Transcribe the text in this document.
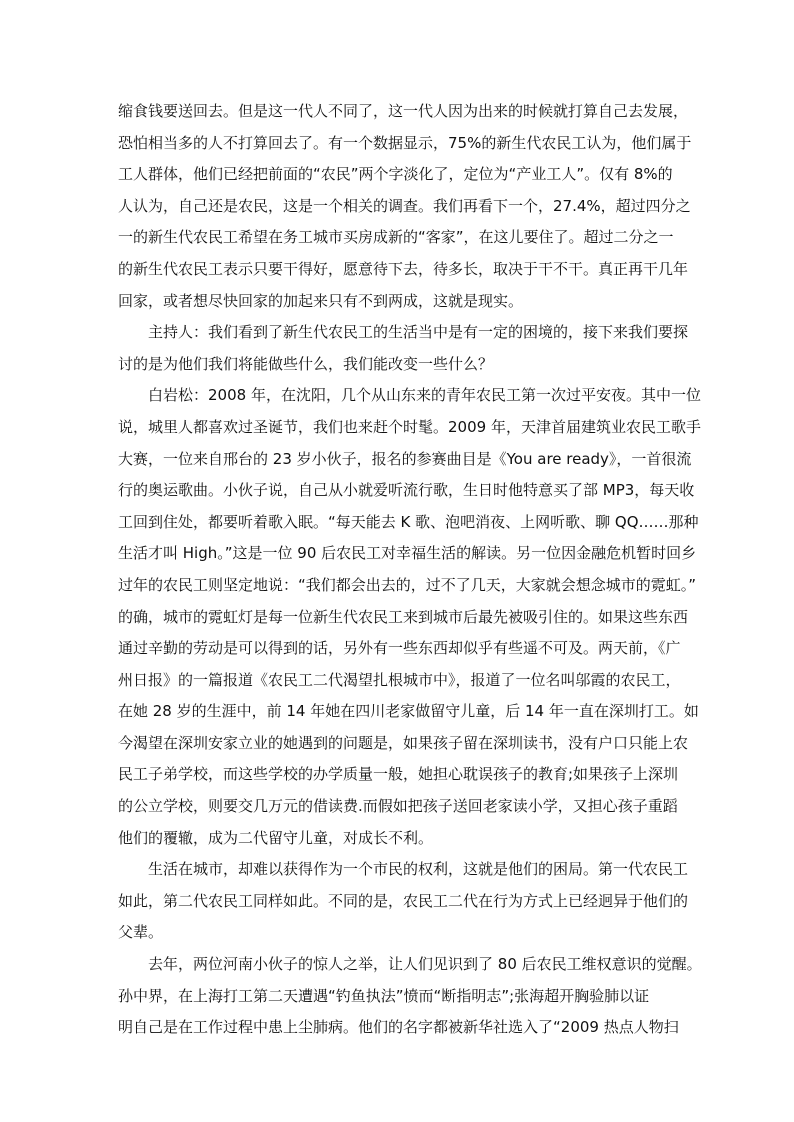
缩食钱要送回去。但是这一代人不同了，这一代人因为出来的时候就打算自己去发展，
恐怕相当多的人不打算回去了。有一个数据显示，75%的新生代农民工认为，他们属于
工人群体，他们已经把前面的“农民”两个字淡化了，定位为“产业工人”。仅有 8%的
人认为，自己还是农民，这是一个相关的调查。我们再看下一个，27.4%，超过四分之
一的新生代农民工希望在务工城市买房成新的“客家”，在这儿要住了。超过二分之一
的新生代农民工表示只要干得好，愿意待下去，待多长，取决于干不干。真正再干几年
回家，或者想尽快回家的加起来只有不到两成，这就是现实。
主持人：我们看到了新生代农民工的生活当中是有一定的困境的，接下来我们要探
讨的是为他们我们将能做些什么，我们能改变一些什么？
白岩松：2008 年，在沈阳，几个从山东来的青年农民工第一次过平安夜。其中一位
说，城里人都喜欢过圣诞节，我们也来赶个时髦。2009 年，天津首届建筑业农民工歌手
大赛，一位来自邢台的 23 岁小伙子，报名的参赛曲目是《You are ready》，一首很流
行的奥运歌曲。小伙子说，自己从小就爱听流行歌，生日时他特意买了部 MP3，每天收
工回到住处，都要听着歌入眠。“每天能去 K 歌、泡吧消夜、上网听歌、聊 QQ……那种
生活才叫 High。”这是一位 90 后农民工对幸福生活的解读。另一位因金融危机暂时回乡
过年的农民工则坚定地说：“我们都会出去的，过不了几天，大家就会想念城市的霓虹。”
的确，城市的霓虹灯是每一位新生代农民工来到城市后最先被吸引住的。如果这些东西
通过辛勤的劳动是可以得到的话，另外有一些东西却似乎有些遥不可及。两天前，《广
州日报》的一篇报道《农民工二代渴望扎根城市中》，报道了一位名叫邬霞的农民工，
在她 28 岁的生涯中，前 14 年她在四川老家做留守儿童，后 14 年一直在深圳打工。如
今渴望在深圳安家立业的她遇到的问题是，如果孩子留在深圳读书，没有户口只能上农
民工子弟学校，而这些学校的办学质量一般，她担心耽误孩子的教育;如果孩子上深圳
的公立学校，则要交几万元的借读费.而假如把孩子送回老家读小学，又担心孩子重蹈
他们的覆辙，成为二代留守儿童，对成长不利。
生活在城市，却难以获得作为一个市民的权利，这就是他们的困局。第一代农民工
如此，第二代农民工同样如此。不同的是，农民工二代在行为方式上已经迥异于他们的
父辈。
去年，两位河南小伙子的惊人之举，让人们见识到了 80 后农民工维权意识的觉醒。
孙中界，在上海打工第二天遭遇“钓鱼执法”愤而“断指明志”;张海超开胸验肺以证
明自己是在工作过程中患上尘肺病。他们的名字都被新华社选入了“2009 热点人物扫
